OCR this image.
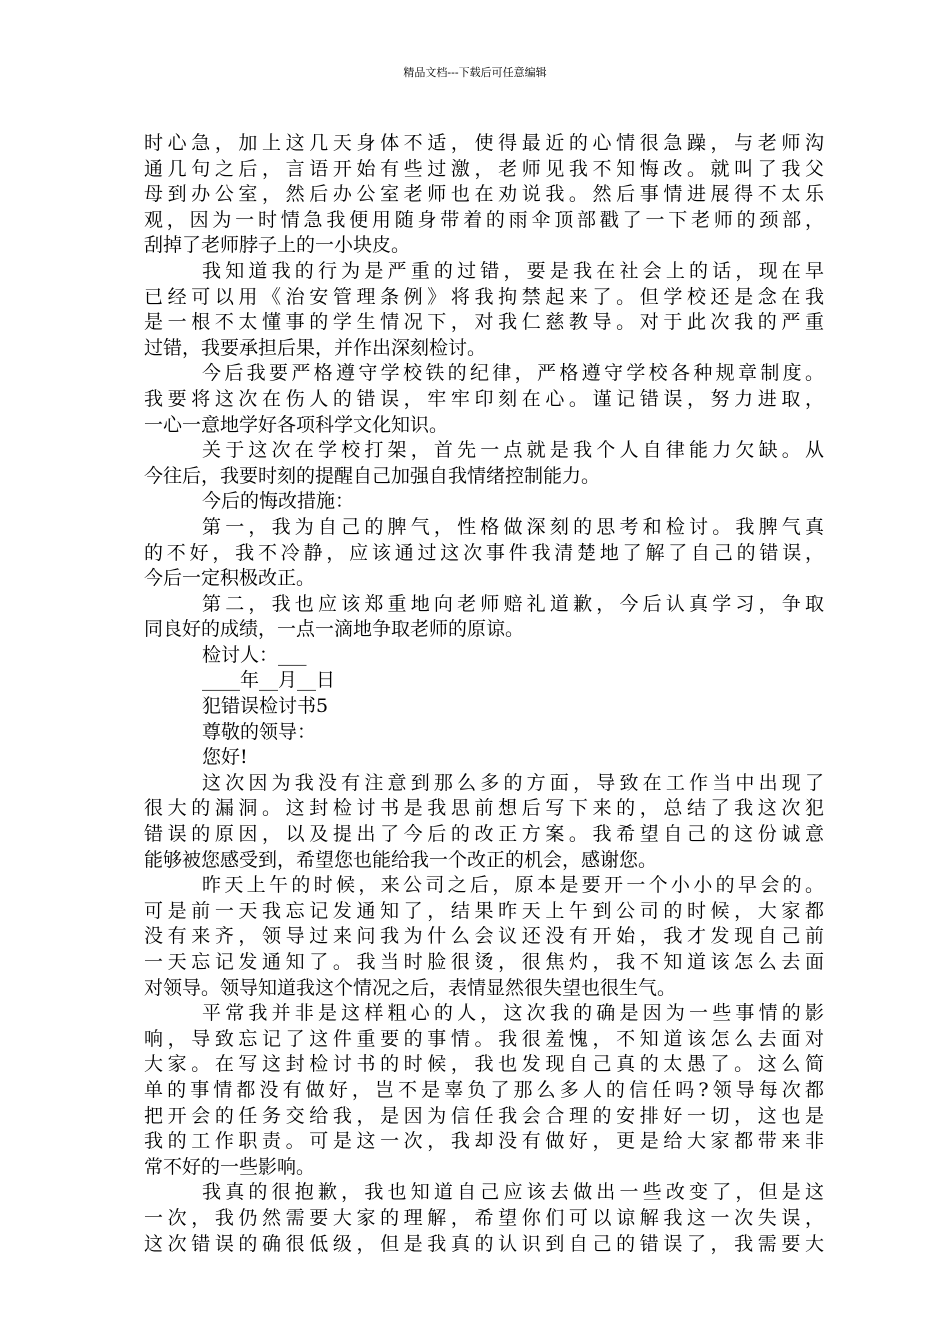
精品文档---下载后可任意编辑
时心急，加上这几天身体不适，使得最近的心情很急躁，与老师沟
通几句之后，言语开始有些过激，老师见我不知悔改。就叫了我父
母到办公室，然后办公室老师也在劝说我。然后事情进展得不太乐
观，因为一时情急我便用随身带着的雨伞顶部戳了一下老师的颈部，
刮掉了老师脖子上的一小块皮。
我知道我的行为是严重的过错，要是我在社会上的话，现在早
已经可以用《治安管理条例》将我拘禁起来了。但学校还是念在我
是一根不太懂事的学生情况下，对我仁慈教导。对于此次我的严重
过错，我要承担后果，并作出深刻检讨。
今后我要严格遵守学校铁的纪律，严格遵守学校各种规章制度。
我要将这次在伤人的错误，牢牢印刻在心。谨记错误，努力进取，
一心一意地学好各项科学文化知识。
关于这次在学校打架，首先一点就是我个人自律能力欠缺。从
今往后，我要时刻的提醒自己加强自我情绪控制能力。
今后的悔改措施：
第一，我为自己的脾气，性格做深刻的思考和检讨。我脾气真
的不好，我不冷静，应该通过这次事件我清楚地了解了自己的错误，
今后一定积极改正。
第二，我也应该郑重地向老师赔礼道歉，今后认真学习，争取
同良好的成绩，一点一滴地争取老师的原谅。
检讨人：___
____年__月__日
犯错误检讨书5
尊敬的领导：
您好!
这次因为我没有注意到那么多的方面，导致在工作当中出现了
很大的漏洞。这封检讨书是我思前想后写下来的，总结了我这次犯
错误的原因，以及提出了今后的改正方案。我希望自己的这份诚意
能够被您感受到，希望您也能给我一个改正的机会，感谢您。
昨天上午的时候，来公司之后，原本是要开一个小小的早会的。
可是前一天我忘记发通知了，结果昨天上午到公司的时候，大家都
没有来齐，领导过来问我为什么会议还没有开始，我才发现自己前
一天忘记发通知了。我当时脸很烫，很焦灼，我不知道该怎么去面
对领导。领导知道我这个情况之后，表情显然很失望也很生气。
平常我并非是这样粗心的人，这次我的确是因为一些事情的影
响，导致忘记了这件重要的事情。我很羞愧，不知道该怎么去面对
大家。在写这封检讨书的时候，我也发现自己真的太愚了。这么简
单的事情都没有做好，岂不是辜负了那么多人的信任吗?领导每次都
把开会的任务交给我，是因为信任我会合理的安排好一切，这也是
我的工作职责。可是这一次，我却没有做好，更是给大家都带来非
常不好的一些影响。
我真的很抱歉，我也知道自己应该去做出一些改变了，但是这
一次，我仍然需要大家的理解，希望你们可以谅解我这一次失误，
这次错误的确很低级，但是我真的认识到自己的错误了，我需要大
